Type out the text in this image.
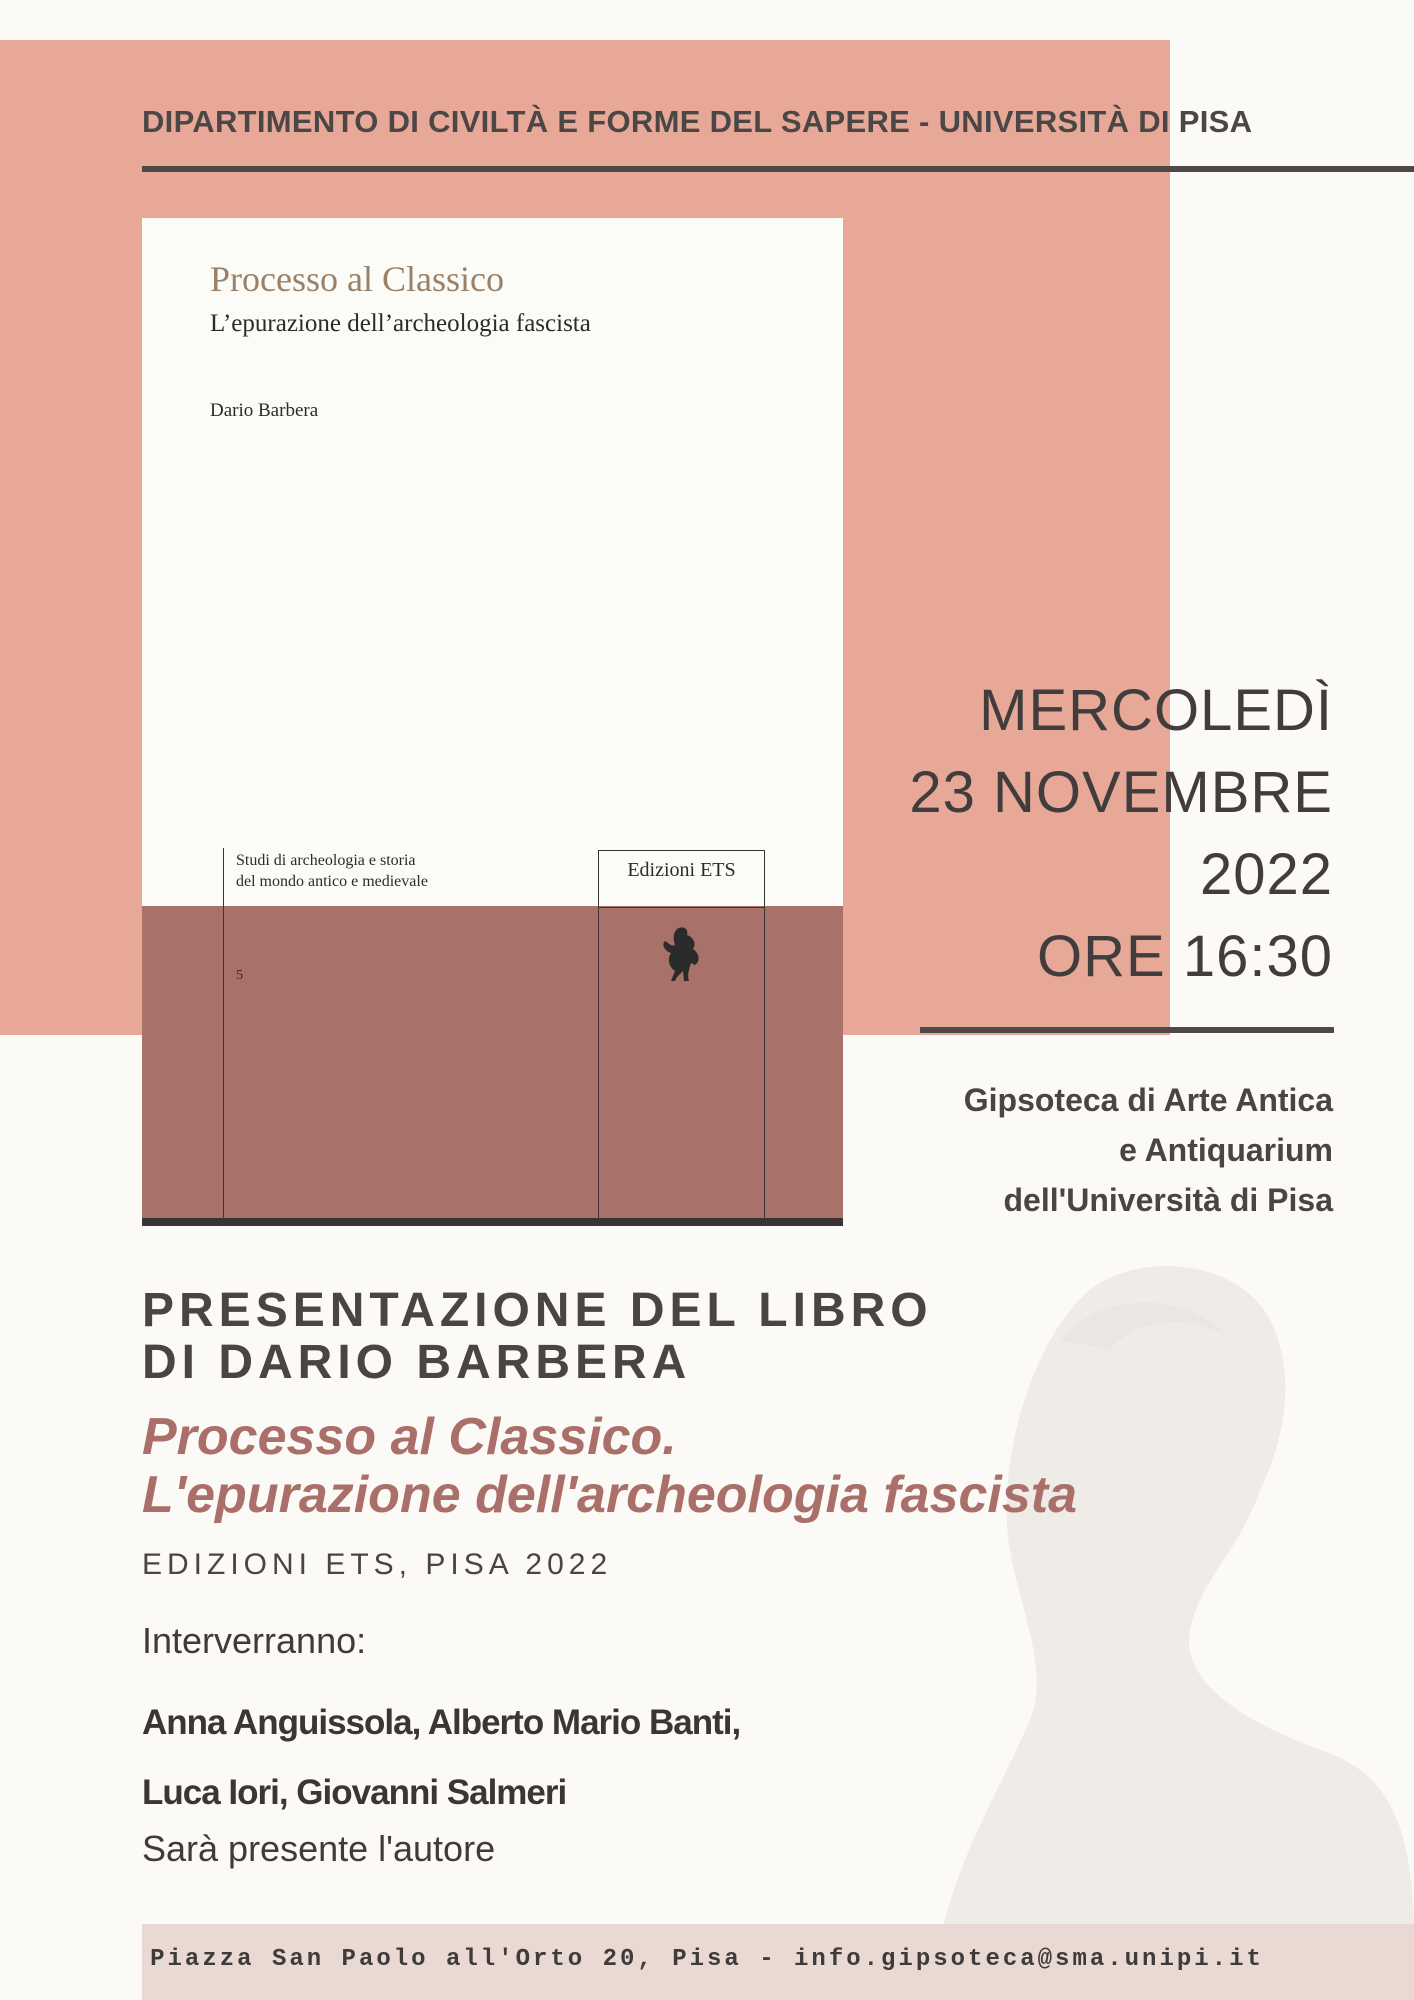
DIPARTIMENTO DI CIVILTÀ E FORME DEL SAPERE - UNIVERSITÀ DI PISA
Processo al Classico
L’epurazione dell’archeologia fascista
Dario Barbera
Studi di archeologia e storia
del mondo antico e medievale
5
Edizioni ETS
MERCOLEDÌ
23 NOVEMBRE
2022
ORE 16:30
Gipsoteca di Arte Antica
e Antiquarium
dell'Università di Pisa
PRESENTAZIONE DEL LIBRO
DI DARIO BARBERA
Processo al Classico.
L'epurazione dell'archeologia fascista
EDIZIONI ETS, PISA 2022
Interverranno:
Anna Anguissola, Alberto Mario Banti,
Luca Iori, Giovanni Salmeri
Sarà presente l'autore
Piazza San Paolo all'Orto 20, Pisa - info.gipsoteca@sma.unipi.it
